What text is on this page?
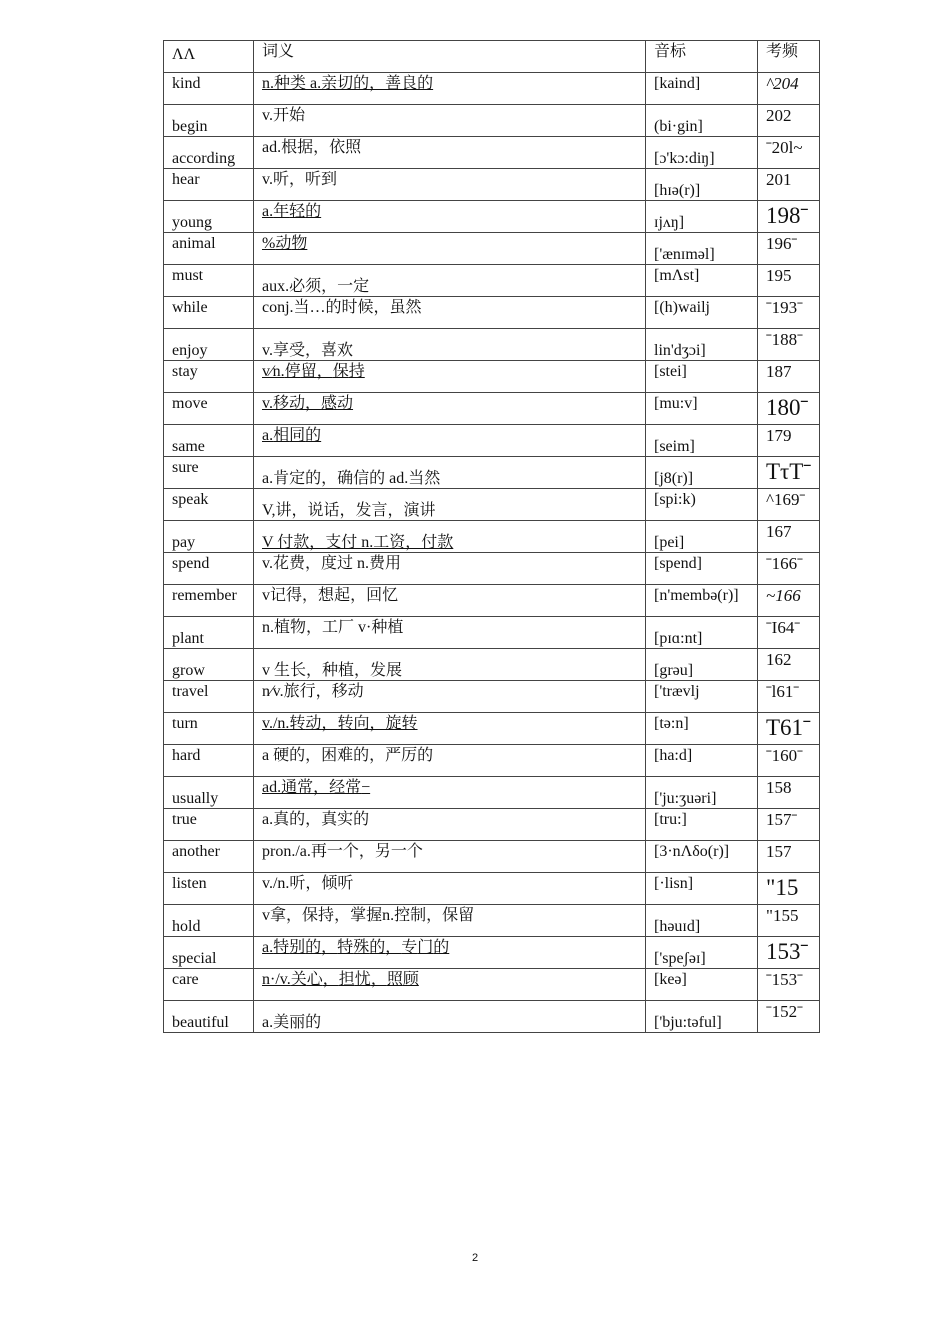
ΛΛ	词义	音标	考频

kind	n.种类 a.亲切的，善良的	[kaind]	^204

begin	v.开始	(bi·gin]	202

according	ad.根据，依照	[ɔ'kɔ:diŋ]	ˉ20l~

hear	v.听，听到	[hɪə(r)]	201

young	a.年轻的	ɪjʌŋ]	198ˉ

animal	%动物	['ænɪməl]	196ˉ

must	aux.必须，一定	[mΛst]	195

while	conj.当…的时候，虽然	[(h)wailj	ˉ193ˉ

enjoy	v.享受，喜欢	lin'dʒɔi]	ˉ188ˉ

stay	v⁄n.停留，保持	[stei]	187

move	v.移动，感动	[mu:v]	180ˉ

same	a.相同的	[seim]	179

sure	a.肯定的，确信的 ad.当然	[j8(r)]	TτTˉ

speak	V,讲，说话，发言，演讲	[spi:k)	^169ˉ

pay	V 付款，支付 n.工资，付款	[pei]	167

spend	v.花费，度过 n.费用	[spend]	ˉ166ˉ

remember	v记得，想起，回忆	[n'membə(r)]	~166

plant	n.植物，工厂 v·种植	[pɪɑ:nt]	ˉI64ˉ

grow	v 生长，种植，发展	[grəu]	162

travel	n⁄v.旅行，移动	['trævlj	ˉl61ˉ

turn	v./n.转动，转向，旋转	[tə:n]	T61ˉ

hard	a 硬的，困难的，严厉的	[ha:d]	ˉ160ˉ

usually	ad.通常，经常−	['ju:ʒuəri]	158

true	a.真的，真实的	[tru:]	157ˉ

another	pron./a.再一个，另一个	[3·nΛδo(r)]	157

listen	v./n.听，倾听	[·lisn]	"15

hold	v拿，保持，掌握n.控制，保留	[həuɪd]	"155

special	a.特别的，特殊的，专门的	['speʃəɪ]	153ˉ

care	n·/v.关心，担忧，照顾	[keə]	ˉ153ˉ

beautiful	a.美丽的	['bju:təful]	ˉ152ˉ
2
